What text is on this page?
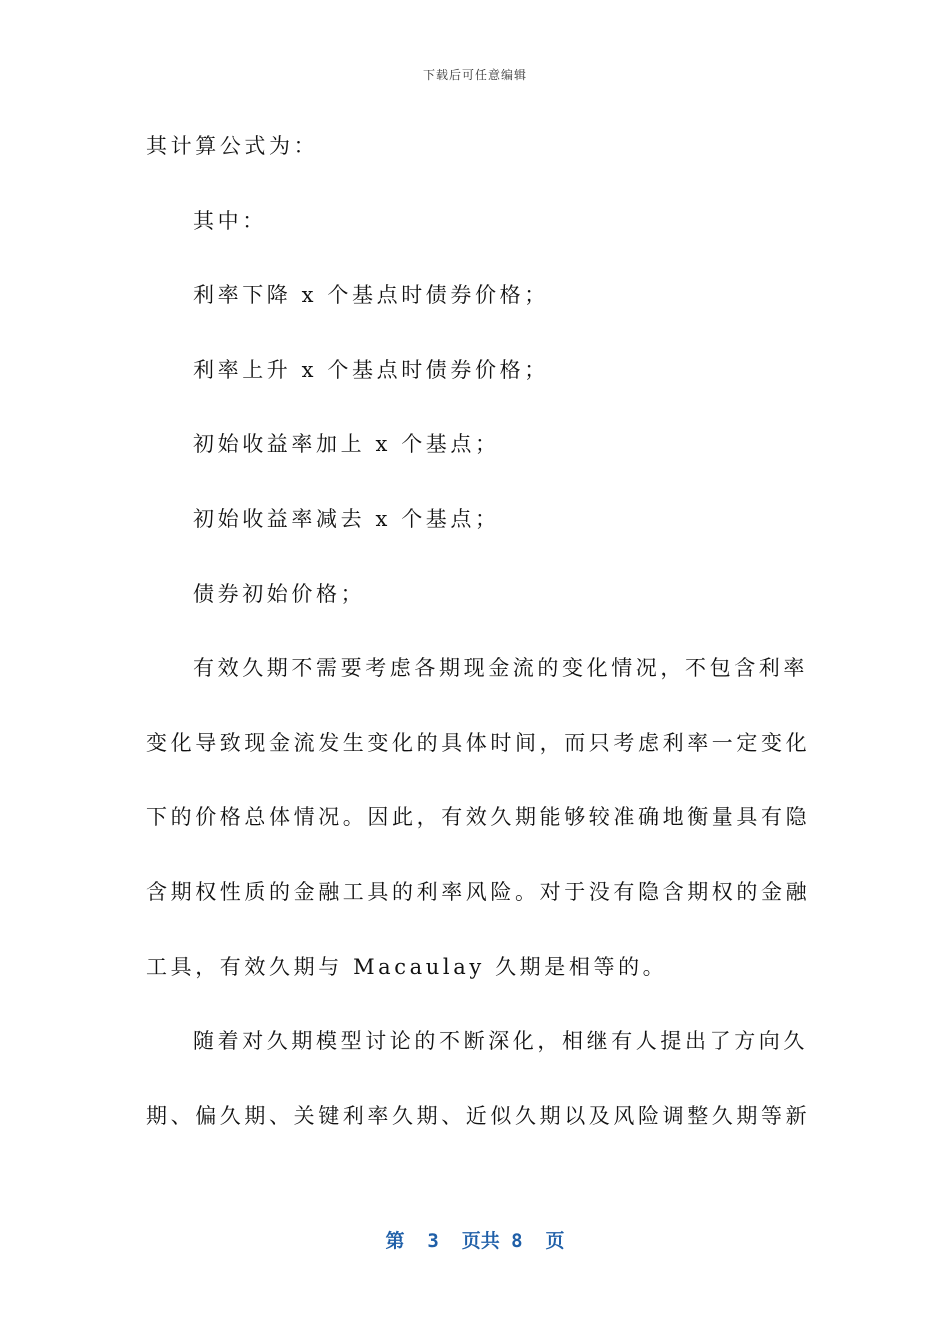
下载后可任意编辑
其计算公式为：
其中：
利率下降 x 个基点时债券价格；
利率上升 x 个基点时债券价格；
初始收益率加上 x 个基点；
初始收益率减去 x 个基点；
债券初始价格；
有效久期不需要考虑各期现金流的变化情况，不包含利率
变化导致现金流发生变化的具体时间，而只考虑利率一定变化
下的价格总体情况。因此，有效久期能够较准确地衡量具有隐
含期权性质的金融工具的利率风险。对于没有隐含期权的金融
工具，有效久期与 Macaulay 久期是相等的。
随着对久期模型讨论的不断深化，相继有人提出了方向久
期、偏久期、关键利率久期、近似久期以及风险调整久期等新
第  3  页共 8  页
